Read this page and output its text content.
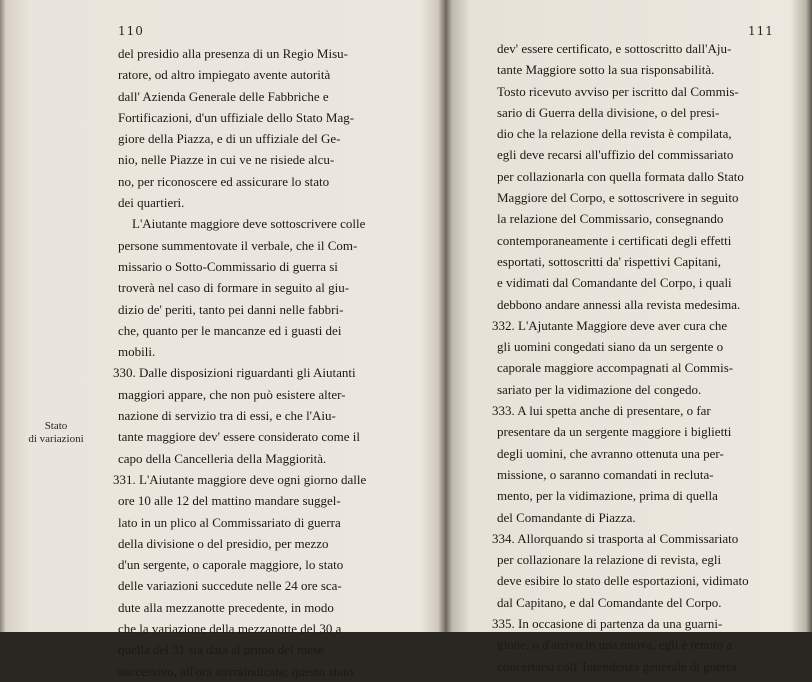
110
Stato
di variazioni
del presidio alla presenza di un Regio Misu-
ratore, od altro impiegato avente autorità
dall' Azienda Generale delle Fabbriche e
Fortificazioni, d'un uffiziale dello Stato Mag-
giore della Piazza, e di un uffiziale del Ge-
nio, nelle Piazze in cui ve ne risiede alcu-
no, per riconoscere ed assicurare lo stato
dei quartieri.
L'Aiutante maggiore deve sottoscrivere colle
persone summentovate il verbale, che il Com-
missario o Sotto-Commissario di guerra si
troverà nel caso di formare in seguito al giu-
dizio de' periti, tanto pei danni nelle fabbri-
che, quanto per le mancanze ed i guasti dei
mobili.
330. Dalle disposizioni riguardanti gli Aiutanti
maggiori appare, che non può esistere alter-
nazione di servizio tra di essi, e che l'Aiu-
tante maggiore dev' essere considerato come il
capo della Cancelleria della Maggiorità.
331. L'Aiutante maggiore deve ogni giorno dalle
ore 10 alle 12 del mattino mandare suggel-
lato in un plico al Commissariato di guerra
della divisione o del presidio, per mezzo
d'un sergente, o caporale maggiore, lo stato
delle variazioni succedute nelle 24 ore sca-
dute alla mezzanotte precedente, in modo
che la variazione della mezzanotte del 30 a
quella del 31 sia data al primo del mese
successivo, all'ora sovraindicata; questo stato
111
dev' essere certificato, e sottoscritto dall'Aju-
tante Maggiore sotto la sua risponsabilità.
Tosto ricevuto avviso per iscritto dal Commis-
sario di Guerra della divisione, o del presi-
dio che la relazione della revista è compilata,
egli deve recarsi all'uffizio del commissariato
per collazionarla con quella formata dallo Stato
Maggiore del Corpo, e sottoscrivere in seguito
la relazione del Commissario, consegnando
contemporaneamente i certificati degli effetti
esportati, sottoscritti da' rispettivi Capitani,
e vidimati dal Comandante del Corpo, i quali
debbono andare annessi alla revista medesima.
332. L'Ajutante Maggiore deve aver cura che
gli uomini congedati siano da un sergente o
caporale maggiore accompagnati al Commis-
sariato per la vidimazione del congedo.
333. A lui spetta anche di presentare, o far
presentare da un sergente maggiore i biglietti
degli uomini, che avranno ottenuta una per-
missione, o saranno comandati in recluta-
mento, per la vidimazione, prima di quella
del Comandante di Piazza.
334. Allorquando si trasporta al Commissariato
per collazionare la relazione di revista, egli
deve esibire lo stato delle esportazioni, vidimato
dal Capitano, e dal Comandante del Corpo.
335. In occasione di partenza da una guarni-
gione, o d'arrivo in una nuova, egli è tenuto a
concertarsi coll' Intendenza generale di guerra.
